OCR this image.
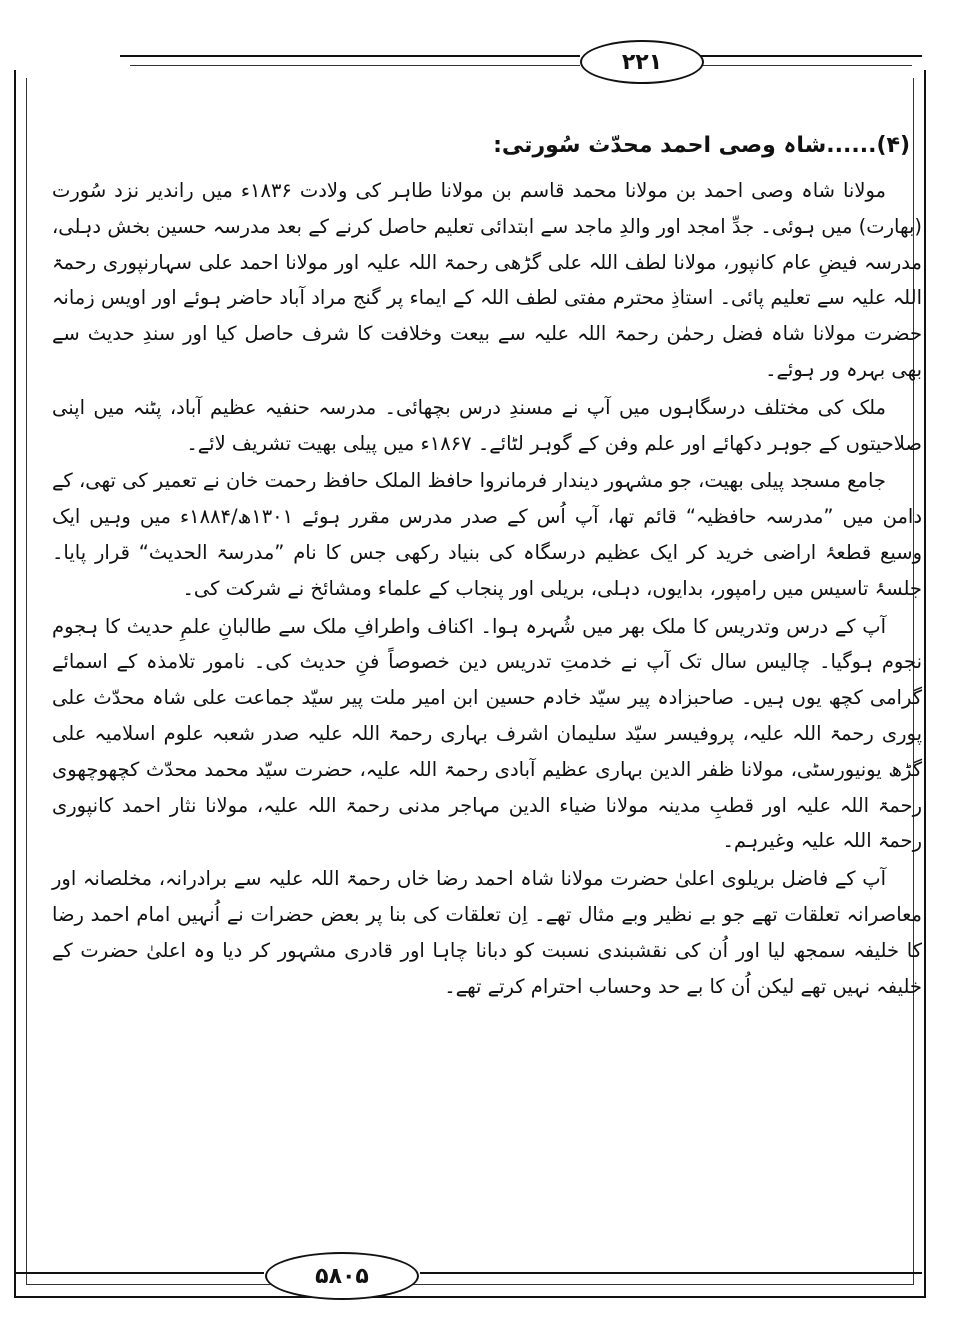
۲۲۱
(۴)......شاہ وصی احمد محدّث سُورتی:

مولانا شاہ وصی احمد بن مولانا محمد قاسم بن مولانا طاہر کی ولادت ۱۸۳۶ء میں راندیر نزد سُورت (بھارت) میں ہوئی۔ جدِّ امجد اور والدِ ماجد سے ابتدائی تعلیم حاصل کرنے کے بعد مدرسہ حسین بخش دہلی، مدرسہ فیضِ عام کانپور، مولانا لطف اللہ علی گڑھی رحمۃ اللہ علیہ اور مولانا احمد علی سہارنپوری رحمۃ اللہ علیہ سے تعلیم پائی۔ استاذِ محترم مفتی لطف اللہ کے ایماء پر گنج مراد آباد حاضر ہوئے اور اویس زمانہ حضرت مولانا شاہ فضل رحمٰن رحمۃ اللہ علیہ سے بیعت وخلافت کا شرف حاصل کیا اور سندِ حدیث سے بھی بہرہ ور ہوئے۔

ملک کی مختلف درسگاہوں میں آپ نے مسندِ درس بچھائی۔ مدرسہ حنفیہ عظیم آباد، پٹنہ میں اپنی صلاحیتوں کے جوہر دکھائے اور علم وفن کے گوہر لٹائے۔ ۱۸۶۷ء میں پیلی بھیت تشریف لائے۔

جامع مسجد پیلی بھیت، جو مشہور دیندار فرمانروا حافظ الملک حافظ رحمت خان نے تعمیر کی تھی، کے دامن میں ”مدرسہ حافظیہ“ قائم تھا، آپ اُس کے صدر مدرس مقرر ہوئے ۱۳۰۱ھ/۱۸۸۴ء میں وہیں ایک وسیع قطعۂ اراضی خرید کر ایک عظیم درسگاہ کی بنیاد رکھی جس کا نام ”مدرسۃ الحدیث“ قرار پایا۔ جلسۂ تاسیس میں رامپور، بدایوں، دہلی، بریلی اور پنجاب کے علماء ومشائخ نے شرکت کی۔

آپ کے درس وتدریس کا ملک بھر میں شُہرہ ہوا۔ اکناف واطرافِ ملک سے طالبانِ علمِ حدیث کا ہجوم نجوم ہوگیا۔ چالیس سال تک آپ نے خدمتِ تدریس دین خصوصاً فنِ حدیث کی۔ نامور تلامذہ کے اسمائے گرامی کچھ یوں ہیں۔ صاحبزادہ پیر سیّد خادم حسین ابن امیر ملت پیر سیّد جماعت علی شاہ محدّث علی پوری رحمۃ اللہ علیہ، پروفیسر سیّد سلیمان اشرف بہاری رحمۃ اللہ علیہ صدر شعبہ علوم اسلامیہ علی گڑھ یونیورسٹی، مولانا ظفر الدین بہاری عظیم آبادی رحمۃ اللہ علیہ، حضرت سیّد محمد محدّث کچھوچھوی رحمۃ اللہ علیہ اور قطبِ مدینہ مولانا ضیاء الدین مہاجر مدنی رحمۃ اللہ علیہ، مولانا نثار احمد کانپوری رحمۃ اللہ علیہ وغیرہم۔

آپ کے فاضل بریلوی اعلیٰ حضرت مولانا شاہ احمد رضا خاں رحمۃ اللہ علیہ سے برادرانہ، مخلصانہ اور معاصرانہ تعلقات تھے جو بے نظیر وبے مثال تھے۔ اِن تعلقات کی بنا پر بعض حضرات نے اُنہیں امام احمد رضا کا خلیفہ سمجھ لیا اور اُن کی نقشبندی نسبت کو دبانا چاہا اور قادری مشہور کر دیا وہ اعلیٰ حضرت کے خلیفہ نہیں تھے لیکن اُن کا بے حد وحساب احترام کرتے تھے۔

۵۸۰۵
